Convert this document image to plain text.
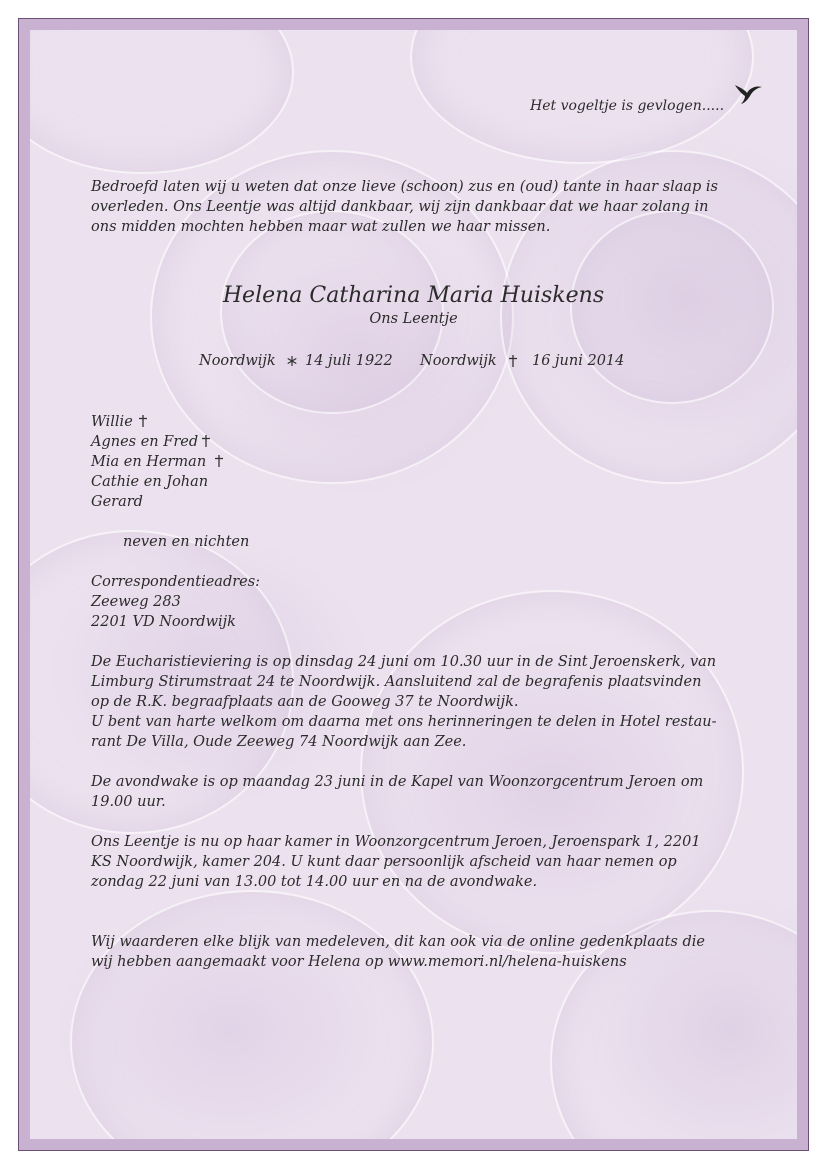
Het vogeltje is gevlogen.....
Bedroefd laten wij u weten dat onze lieve (schoon) zus en (oud) tante in haar slaap is
overleden. Ons Leentje was altijd dankbaar, wij zijn dankbaar dat we haar zolang in
ons midden mochten hebben maar wat zullen we haar missen.
Helena Catharina Maria Huiskens
Ons Leentje
Noordwijk 14 juli 1922 Noordwijk 16 juni 2014
Willie
Agnes en Fred
Mia en Herman
Cathie en Johan
Gerard
neven en nichten
Correspondentieadres:
Zeeweg 283
2201 VD Noordwijk
De Eucharistieviering is op dinsdag 24 juni om 10.30 uur in de Sint Jeroenskerk, van
Limburg Stirumstraat 24 te Noordwijk. Aansluitend zal de begrafenis plaatsvinden
op de R.K. begraafplaats aan de Gooweg 37 te Noordwijk.
U bent van harte welkom om daarna met ons herinneringen te delen in Hotel restau-
rant De Villa, Oude Zeeweg 74 Noordwijk aan Zee.
De avondwake is op maandag 23 juni in de Kapel van Woonzorgcentrum Jeroen om
19.00 uur.
Ons Leentje is nu op haar kamer in Woonzorgcentrum Jeroen, Jeroenspark 1, 2201
KS Noordwijk, kamer 204. U kunt daar persoonlijk afscheid van haar nemen op
zondag 22 juni van 13.00 tot 14.00 uur en na de avondwake.
Wij waarderen elke blijk van medeleven, dit kan ook via de online gedenkplaats die
wij hebben aangemaakt voor Helena op www.memori.nl/helena-huiskens
